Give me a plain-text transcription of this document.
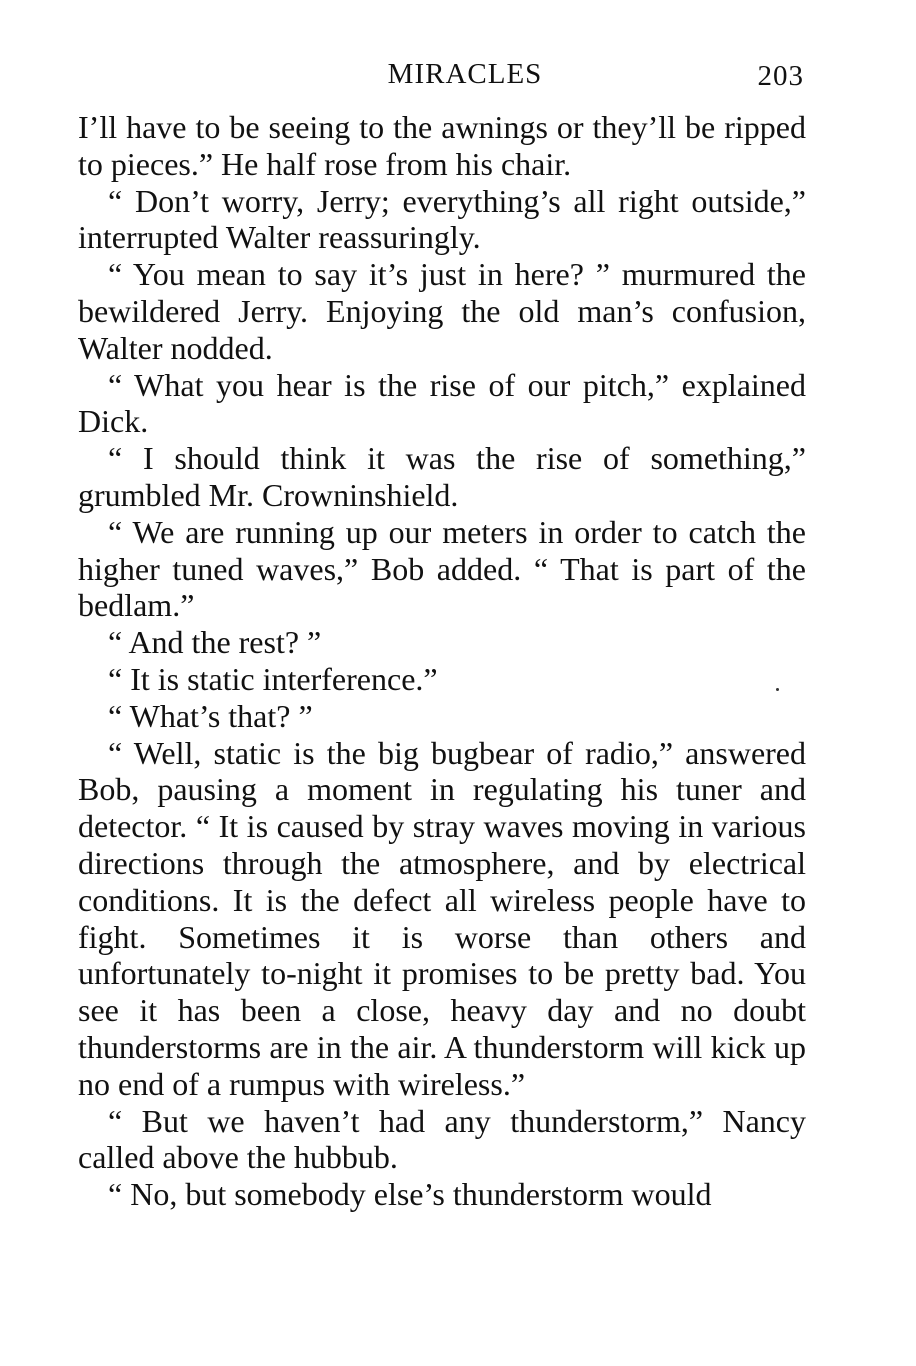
MIRACLES	203

I’ll have to be seeing to the awnings or they’ll be ripped to pieces.” He half rose from his chair.

“ Don’t worry, Jerry; everything’s all right outside,” interrupted Walter reassuringly.

“ You mean to say it’s just in here? ” murmured the bewildered Jerry. Enjoying the old man’s confusion, Walter nodded.

“ What you hear is the rise of our pitch,” explained Dick.

“ I should think it was the rise of something,” grumbled Mr. Crowninshield.

“ We are running up our meters in order to catch the higher tuned waves,” Bob added. “ That is part of the bedlam.”

“ And the rest? ”

“ It is static interference.”

“ What’s that? ”

“ Well, static is the big bugbear of radio,” answered Bob, pausing a moment in regulating his tuner and detector. “ It is caused by stray waves moving in various directions through the atmosphere, and by electrical conditions. It is the defect all wireless people have to fight. Sometimes it is worse than others and unfortunately to-night it promises to be pretty bad. You see it has been a close, heavy day and no doubt thunderstorms are in the air. A thunderstorm will kick up no end of a rumpus with wireless.”

“ But we haven’t had any thunderstorm,” Nancy called above the hubbub.

“ No, but somebody else’s thunderstorm would
